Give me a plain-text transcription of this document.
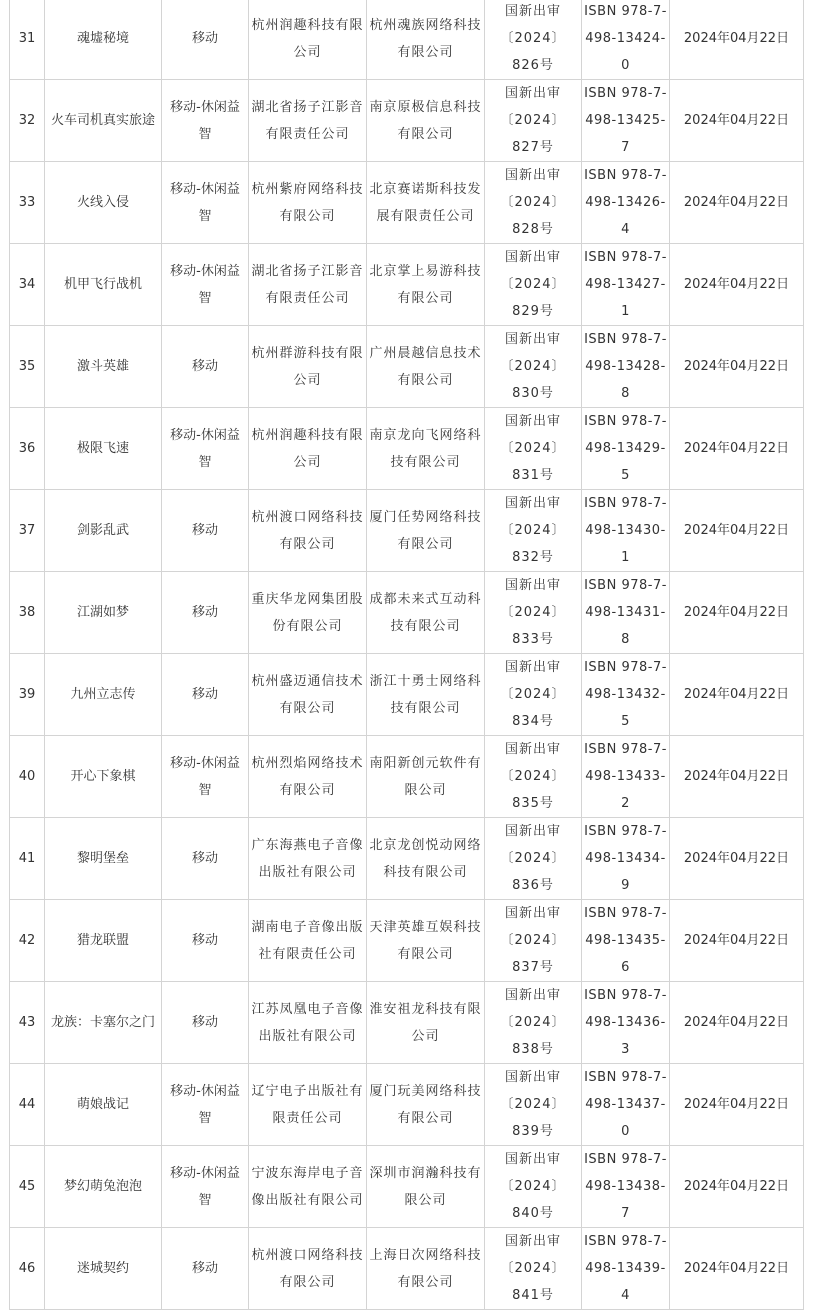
31	魂墟秘境	移动	杭州润趣科技有限公司	杭州魂族网络科技有限公司	国新出审〔2024〕826号	ISBN 978-7-498-13424-0	2024年04月22日
32	火车司机真实旅途	移动-休闲益智	湖北省扬子江影音有限责任公司	南京原极信息科技有限公司	国新出审〔2024〕827号	ISBN 978-7-498-13425-7	2024年04月22日
33	火线入侵	移动-休闲益智	杭州紫府网络科技有限公司	北京赛诺斯科技发展有限责任公司	国新出审〔2024〕828号	ISBN 978-7-498-13426-4	2024年04月22日
34	机甲飞行战机	移动-休闲益智	湖北省扬子江影音有限责任公司	北京掌上易游科技有限公司	国新出审〔2024〕829号	ISBN 978-7-498-13427-1	2024年04月22日
35	激斗英雄	移动	杭州群游科技有限公司	广州晨越信息技术有限公司	国新出审〔2024〕830号	ISBN 978-7-498-13428-8	2024年04月22日
36	极限飞速	移动-休闲益智	杭州润趣科技有限公司	南京龙向飞网络科技有限公司	国新出审〔2024〕831号	ISBN 978-7-498-13429-5	2024年04月22日
37	剑影乱武	移动	杭州渡口网络科技有限公司	厦门任势网络科技有限公司	国新出审〔2024〕832号	ISBN 978-7-498-13430-1	2024年04月22日
38	江湖如梦	移动	重庆华龙网集团股份有限公司	成都未来式互动科技有限公司	国新出审〔2024〕833号	ISBN 978-7-498-13431-8	2024年04月22日
39	九州立志传	移动	杭州盛迈通信技术有限公司	浙江十勇士网络科技有限公司	国新出审〔2024〕834号	ISBN 978-7-498-13432-5	2024年04月22日
40	开心下象棋	移动-休闲益智	杭州烈焰网络技术有限公司	南阳新创元软件有限公司	国新出审〔2024〕835号	ISBN 978-7-498-13433-2	2024年04月22日
41	黎明堡垒	移动	广东海燕电子音像出版社有限公司	北京龙创悦动网络科技有限公司	国新出审〔2024〕836号	ISBN 978-7-498-13434-9	2024年04月22日
42	猎龙联盟	移动	湖南电子音像出版社有限责任公司	天津英雄互娱科技有限公司	国新出审〔2024〕837号	ISBN 978-7-498-13435-6	2024年04月22日
43	龙族：卡塞尔之门	移动	江苏凤凰电子音像出版社有限公司	淮安祖龙科技有限公司	国新出审〔2024〕838号	ISBN 978-7-498-13436-3	2024年04月22日
44	萌娘战记	移动-休闲益智	辽宁电子出版社有限责任公司	厦门玩美网络科技有限公司	国新出审〔2024〕839号	ISBN 978-7-498-13437-0	2024年04月22日
45	梦幻萌兔泡泡	移动-休闲益智	宁波东海岸电子音像出版社有限公司	深圳市润瀚科技有限公司	国新出审〔2024〕840号	ISBN 978-7-498-13438-7	2024年04月22日
46	迷城契约	移动	杭州渡口网络科技有限公司	上海日次网络科技有限公司	国新出审〔2024〕841号	ISBN 978-7-498-13439-4	2024年04月22日
